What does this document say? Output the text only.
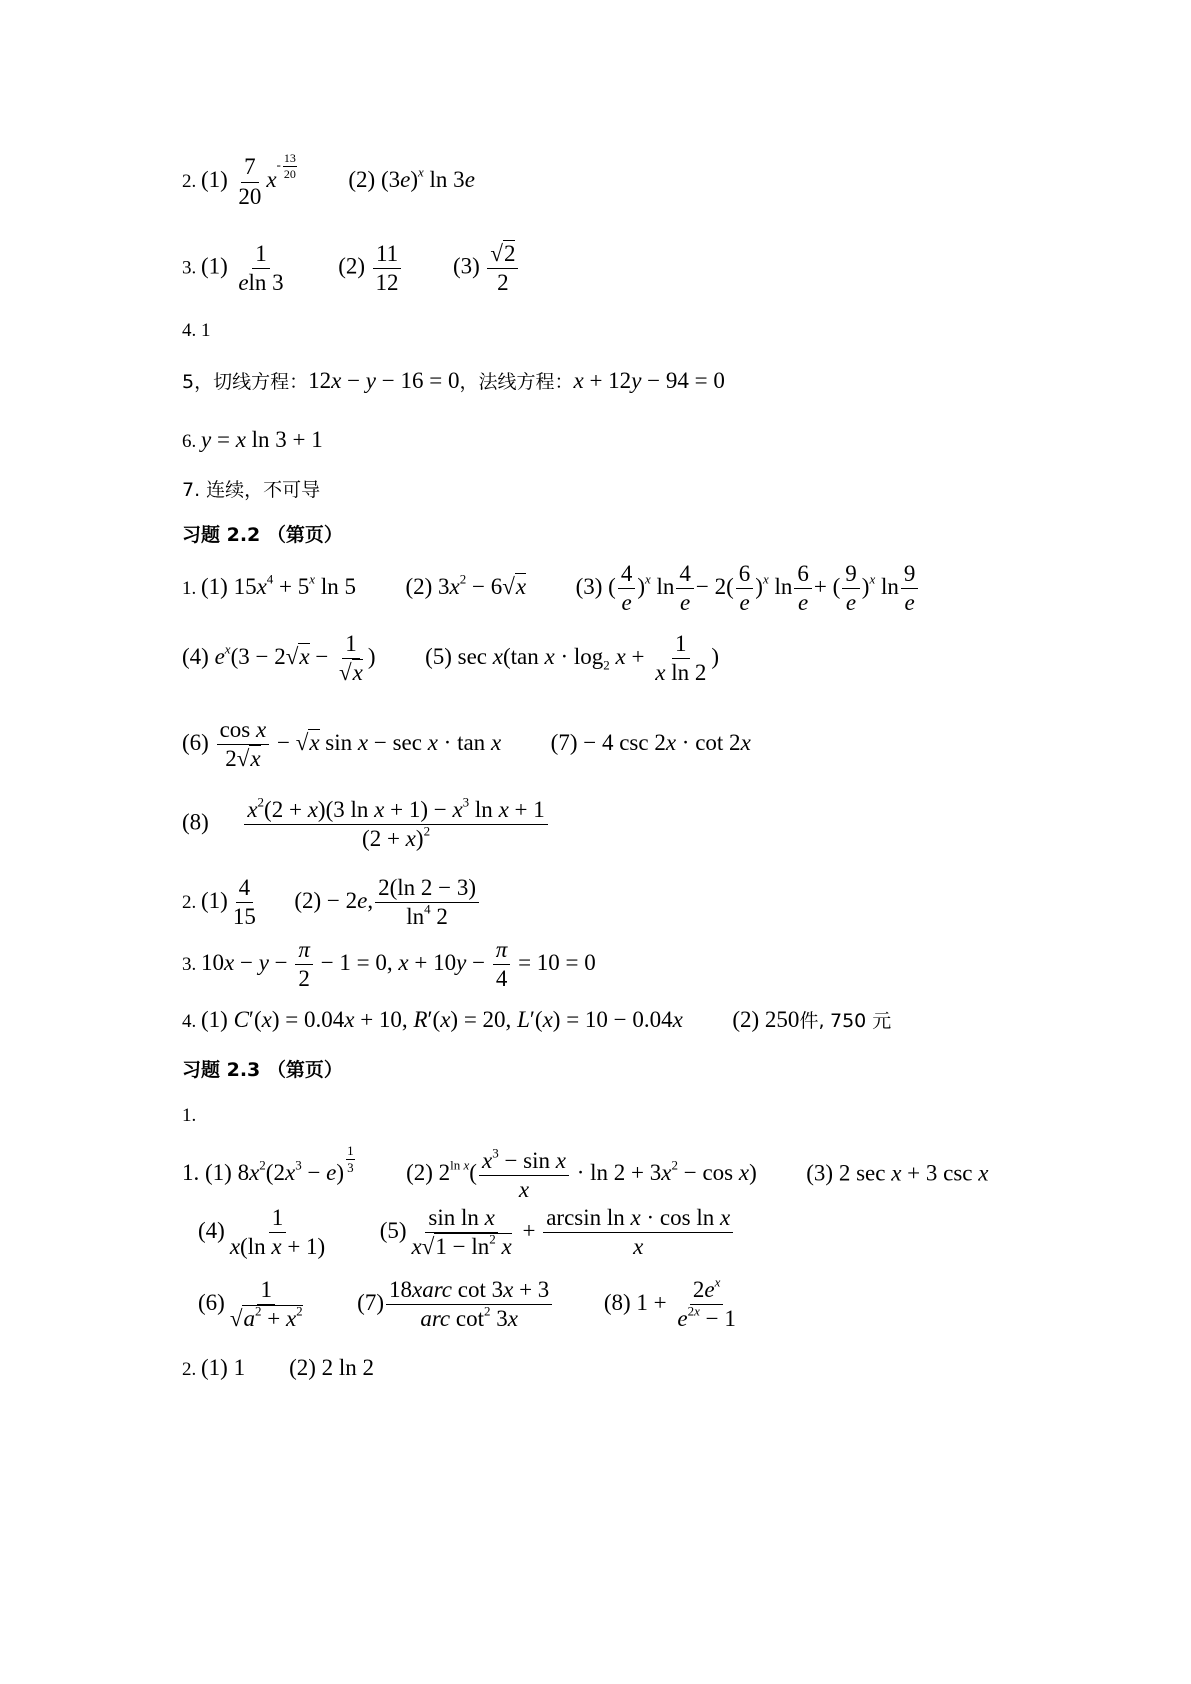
2. $(1) \frac{7}{20} x- \frac{13}{20} (2)$ $(3e)^x$ ln 3e
3. $(1) \frac{1}{eln 3} (2) \frac{11}{12} (3) \frac{√2}{2}$
4. 1
5，切线方程：12x − y − 16 = 0，法线方程：x + 12y − 94 = 0
6. y = x ln 3 + 1
7. 连续，不可导
习题 2.2 （第页）
1. (1) $15x^4 + 5^x$ ln 5 (2) $3x^2 - 6√x$ (3) ( $\frac{4}{e} )^x$ $\ln \frac{4}{e} - 2( \frac{6}{e} )^x$ $\ln \frac{6}{e}$ + ( $\frac{9}{e} )^x$ $\ln \frac{9}{e}$
(4) $e^x(3 - 2√x - \frac{1}{√x}$ ) (5) sec x(tan $x \cdot \log_2 x + \frac{1}{\text{x ln 2}}$ )
$(6) \frac{\text{cos x}}{2√x} - √x$ sin x − sec x · tan x (7) − 4 csc 2x · cot 2x
$(8) \frac{x^2(2 + x)(3 \ln x + 1) - x^3 \ln x + 1}{(2 + x)^2}$
2. $(1) \frac{4}{15} (2) - 2e$, $\frac{2(\ln 2 - 3)}{\ln^4 2}$
3. $10x - y - \frac{\pi}{2} - 1 = 0$, $x + 10y - \frac{\pi}{4} = 10 = 0$
4. (1) C′(x) = 0.04x + 10, R′(x) = 20, L′(x) = 10 − 0.04x (2) 250件, 750 元
习题 2.3 （第页）
1.
1. (1) $8x^2(2x^3 - e) \frac{1}{3} (2)$ $2^{ln x}( \frac{x^3 - \sin x}{x} \cdot \ln 2 + 3x^2 - \cos x)$ (3) 2 sec x + 3 csc x
$(4) \frac{1}{\text{x(ln x + 1)}} (5) \frac{\text{sin ln x}}{x√1 - \ln^2 x} + \frac{\text{arcsin ln x · cos ln x}}{x}$
$(6) \frac{1}{√a^2 + x^2} (7) \frac{\text{18xarc cot 3x + 3}}{arc \cot^2 3x} (8) 1 + \frac{2e^x}{e^{2x} - 1}$
2. (1) 1 (2) 2 ln 2
